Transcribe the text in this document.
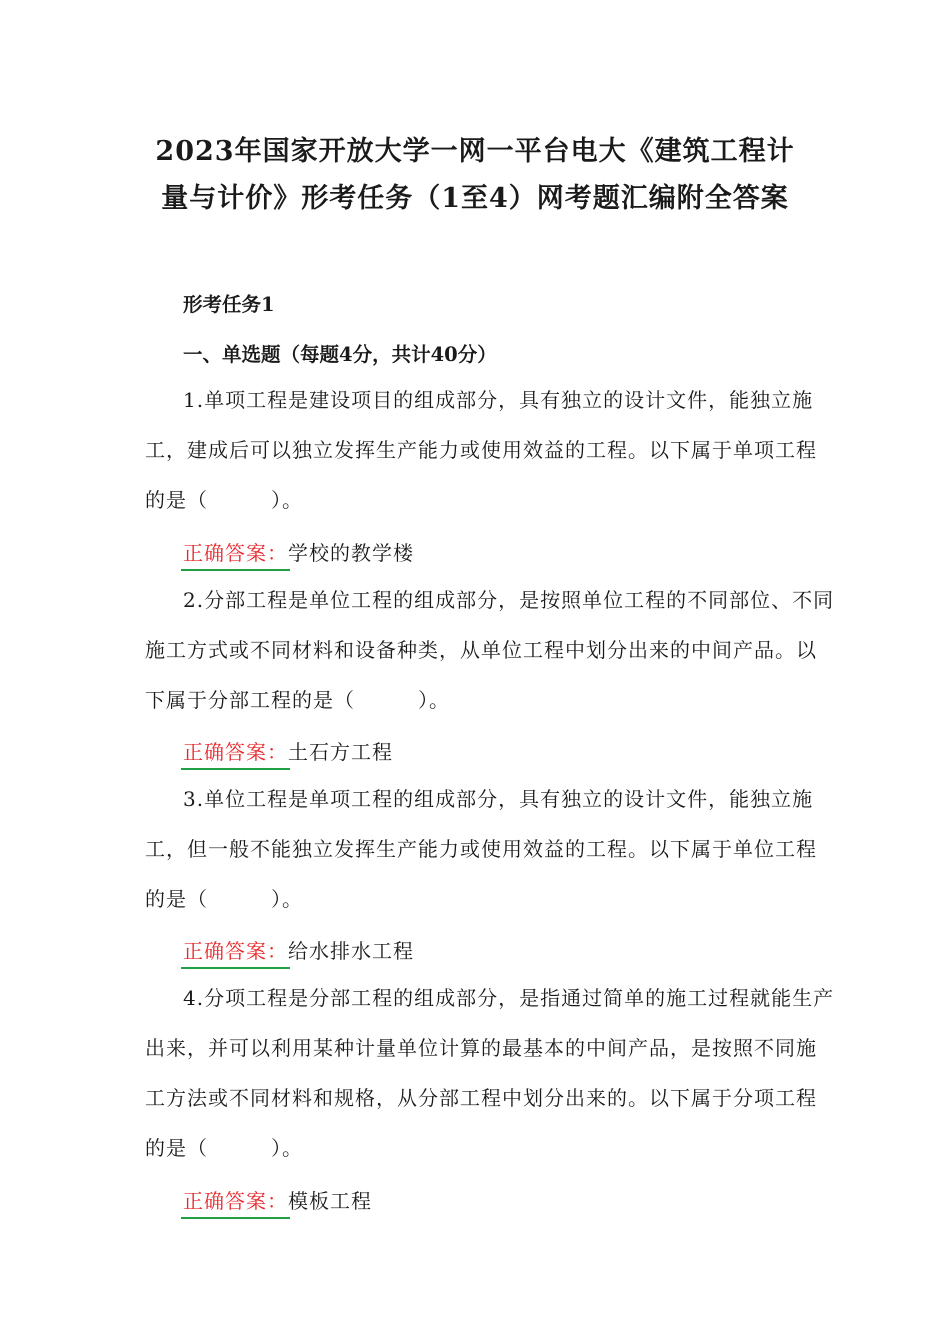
2023年国家开放大学一网一平台电大《建筑工程计
量与计价》形考任务（1至4）网考题汇编附全答案
形考任务1
一、单选题（每题4分，共计40分）
1.单项工程是建设项目的组成部分，具有独立的设计文件，能独立施工，建成后可以独立发挥生产能力或使用效益的工程。以下属于单项工程的是（　　　）。
正确答案：学校的教学楼
2.分部工程是单位工程的组成部分，是按照单位工程的不同部位、不同施工方式或不同材料和设备种类，从单位工程中划分出来的中间产品。以下属于分部工程的是（　　　）。
正确答案：土石方工程
3.单位工程是单项工程的组成部分，具有独立的设计文件，能独立施工，但一般不能独立发挥生产能力或使用效益的工程。以下属于单位工程的是（　　　）。
正确答案：给水排水工程
4.分项工程是分部工程的组成部分，是指通过简单的施工过程就能生产出来，并可以利用某种计量单位计算的最基本的中间产品，是按照不同施工方法或不同材料和规格，从分部工程中划分出来的。以下属于分项工程的是（　　　）。
正确答案：模板工程
